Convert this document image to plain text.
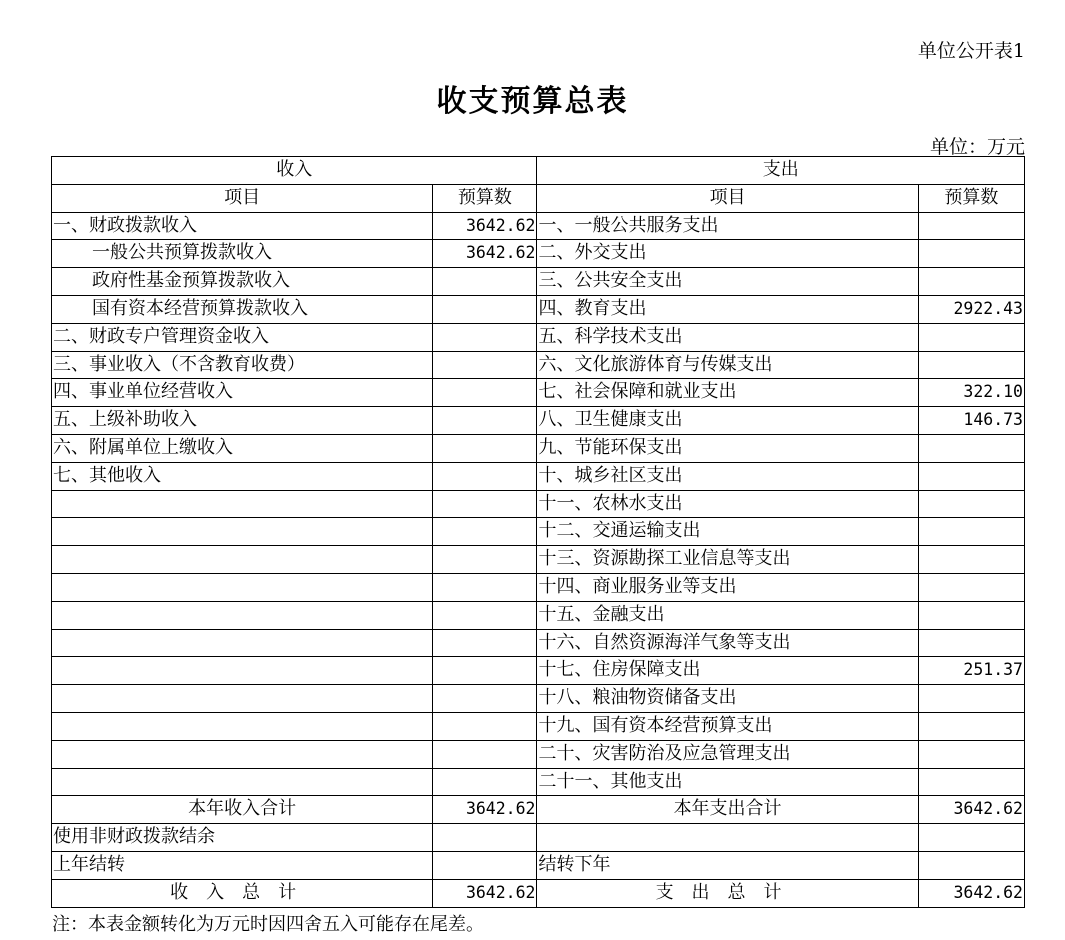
单位公开表1
收支预算总表
单位：万元
收入		支出	
项目	预算数	项目	预算数
一、财政拨款收入	3642.62	一、一般公共服务支出	
一般公共预算拨款收入	3642.62	二、外交支出	
政府性基金预算拨款收入		三、公共安全支出	
国有资本经营预算拨款收入		四、教育支出	2922.43
二、财政专户管理资金收入		五、科学技术支出	
三、事业收入（不含教育收费）		六、文化旅游体育与传媒支出	
四、事业单位经营收入		七、社会保障和就业支出	322.10
五、上级补助收入		八、卫生健康支出	146.73
六、附属单位上缴收入		九、节能环保支出	
七、其他收入		十、城乡社区支出	
		十一、农林水支出	
		十二、交通运输支出	
		十三、资源勘探工业信息等支出	
		十四、商业服务业等支出	
		十五、金融支出	
		十六、自然资源海洋气象等支出	
		十七、住房保障支出	251.37
		十八、粮油物资储备支出	
		十九、国有资本经营预算支出	
		二十、灾害防治及应急管理支出	
		二十一、其他支出	
本年收入合计	3642.62	本年支出合计	3642.62
使用非财政拨款结余			
上年结转		结转下年	
收入总计	3642.62	支出总计	3642.62
注：本表金额转化为万元时因四舍五入可能存在尾差。
